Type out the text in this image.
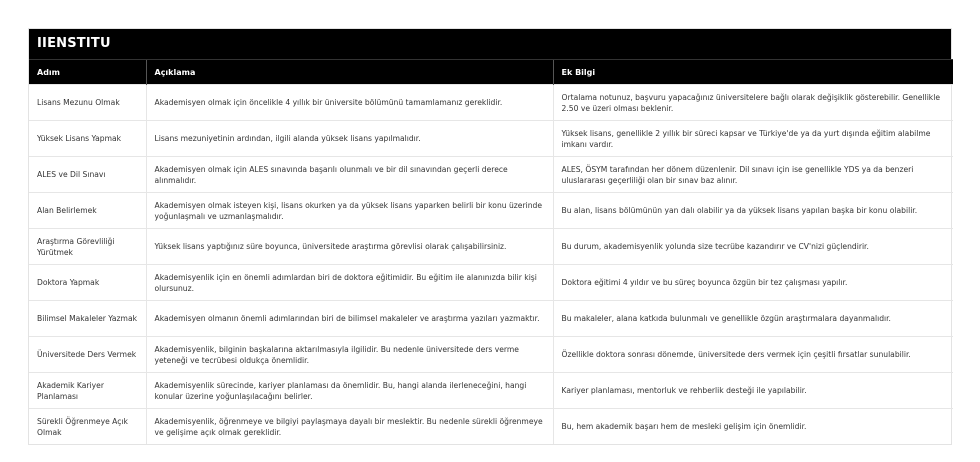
IIENSTITU
Adım	Açıklama	Ek Bilgi
Lisans Mezunu Olmak	Akademisyen olmak için öncelikle 4 yıllık bir üniversite bölümünü tamamlamanız gereklidir.	Ortalama notunuz, başvuru yapacağınız üniversitelere bağlı olarak değişiklik gösterebilir. Genellikle 2.50 ve üzeri olması beklenir.
Yüksek Lisans Yapmak	Lisans mezuniyetinin ardından, ilgili alanda yüksek lisans yapılmalıdır.	Yüksek lisans, genellikle 2 yıllık bir süreci kapsar ve Türkiye'de ya da yurt dışında eğitim alabilme imkanı vardır.
ALES ve Dil Sınavı	Akademisyen olmak için ALES sınavında başarılı olunmalı ve bir dil sınavından geçerli derece alınmalıdır.	ALES, ÖSYM tarafından her dönem düzenlenir. Dil sınavı için ise genellikle YDS ya da benzeri uluslararası geçerliliği olan bir sınav baz alınır.
Alan Belirlemek	Akademisyen olmak isteyen kişi, lisans okurken ya da yüksek lisans yaparken belirli bir konu üzerinde yoğunlaşmalı ve uzmanlaşmalıdır.	Bu alan, lisans bölümünün yan dalı olabilir ya da yüksek lisans yapılan başka bir konu olabilir.
Araştırma Görevliliği Yürütmek	Yüksek lisans yaptığınız süre boyunca, üniversitede araştırma görevlisi olarak çalışabilirsiniz.	Bu durum, akademisyenlik yolunda size tecrübe kazandırır ve CV'nizi güçlendirir.
Doktora Yapmak	Akademisyenlik için en önemli adımlardan biri de doktora eğitimidir. Bu eğitim ile alanınızda bilir kişi olursunuz.	Doktora eğitimi 4 yıldır ve bu süreç boyunca özgün bir tez çalışması yapılır.
Bilimsel Makaleler Yazmak	Akademisyen olmanın önemli adımlarından biri de bilimsel makaleler ve araştırma yazıları yazmaktır.	Bu makaleler, alana katkıda bulunmalı ve genellikle özgün araştırmalara dayanmalıdır.
Üniversitede Ders Vermek	Akademisyenlik, bilginin başkalarına aktarılmasıyla ilgilidir. Bu nedenle üniversitede ders verme yeteneği ve tecrübesi oldukça önemlidir.	Özellikle doktora sonrası dönemde, üniversitede ders vermek için çeşitli fırsatlar sunulabilir.
Akademik Kariyer Planlaması	Akademisyenlik sürecinde, kariyer planlaması da önemlidir. Bu, hangi alanda ilerleneceğini, hangi konular üzerine yoğunlaşılacağını belirler.	Kariyer planlaması, mentorluk ve rehberlik desteği ile yapılabilir.
Sürekli Öğrenmeye Açık Olmak	Akademisyenlik, öğrenmeye ve bilgiyi paylaşmaya dayalı bir meslektir. Bu nedenle sürekli öğrenmeye ve gelişime açık olmak gereklidir.	Bu, hem akademik başarı hem de mesleki gelişim için önemlidir.
